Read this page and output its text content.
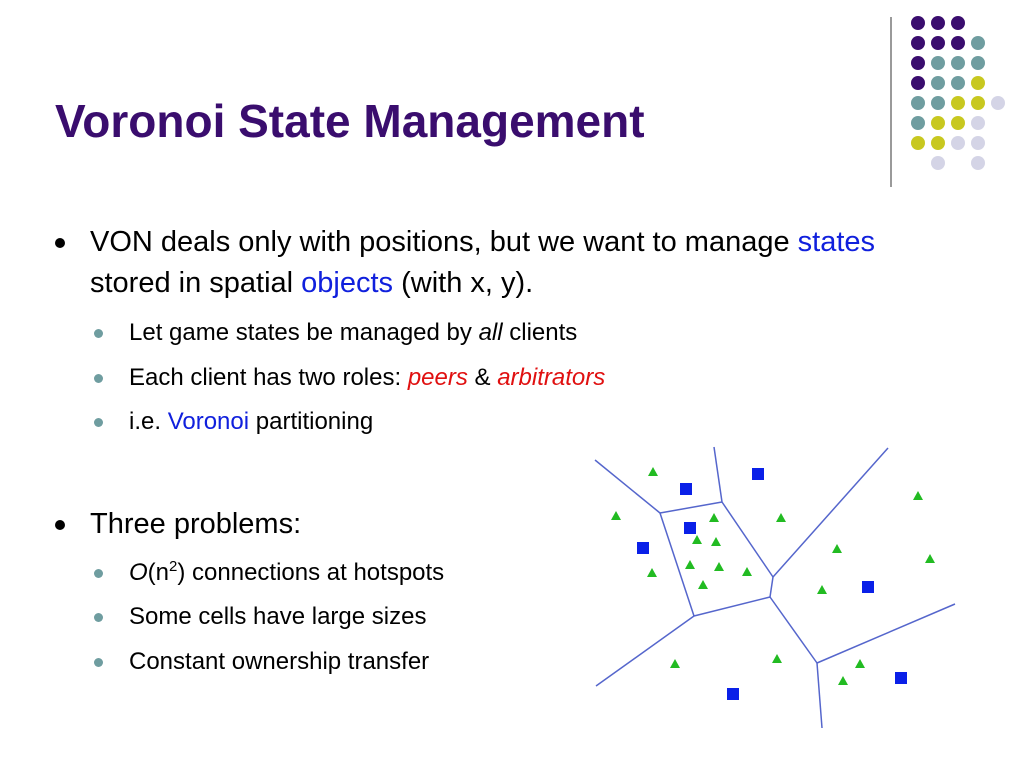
Voronoi State Management
VON deals only with positions, but we want to manage states stored in spatial objects (with x, y).
Let game states be managed by all clients
Each client has two roles: peers & arbitrators
i.e. Voronoi partitioning
Three problems:
$O(n^2)$ connections at hotspots
Some cells have large sizes
Constant ownership transfer
